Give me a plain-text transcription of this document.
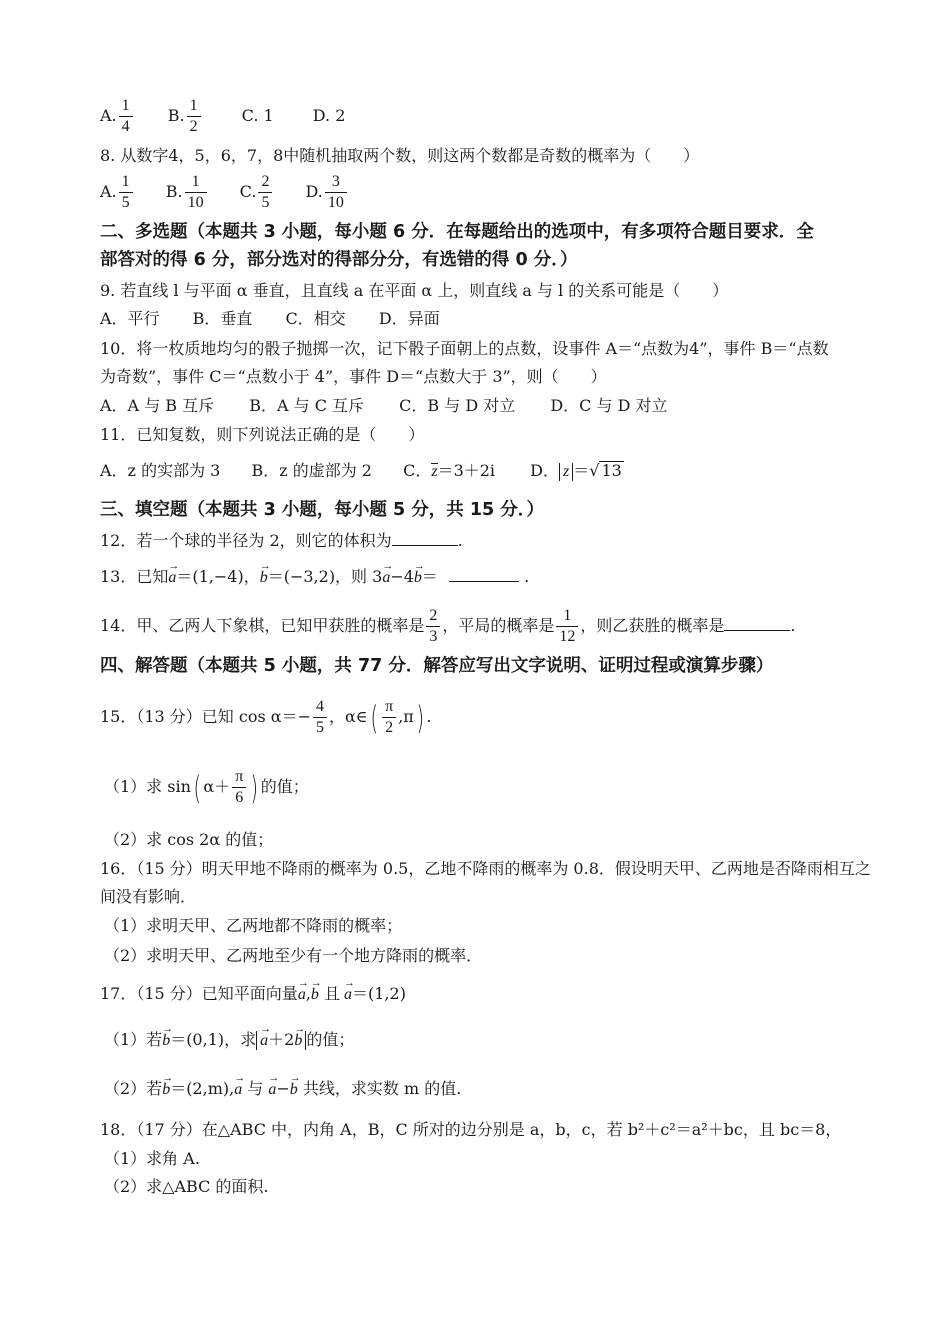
A. $\frac{1}{4} B$. $\frac{1}{2}$	C. 1 D. 2
8. 从数字4，5，6，7，8中随机抽取两个数，则这两个数都是奇数的概率为（　　）
A. $\frac{1}{5} B$. $\frac{1}{10} C$. $\frac{2}{5} D$. $\frac{3}{10}$
二、多选题（本题共 3 小题，每小题 6 分．在每题给出的选项中，有多项符合题目要求．全
部答对的得 6 分，部分选对的得部分分，有选错的得 0 分．）
9. 若直线 l 与平面 α 垂直，且直线 a 在平面 α 上，则直线 a 与 l 的关系可能是（　　）
A．平行 B．垂直 C．相交 D．异面
10．将一枚质地均匀的骰子抛掷一次，记下骰子面朝上的点数，设事件 A＝“点数为4”，事件 B＝“点数
为奇数”，事件 C＝“点数小于 4”，事件 D＝“点数大于 3”，则（　　）
A．A 与 B 互斥 B．A 与 C 互斥 C．B 与 D 对立 D．C 与 D 对立
11．已知复数，则下列说法正确的是（　　）
A．z 的实部为 3 B．z 的虚部为 2 C．z＝3＋2i D． z ＝√ 13
三、填空题（本题共 3 小题，每小题 5 分，共 15 分．）
12．若一个球的半径为 2，则它的体积为	.
13．已知→ a＝(1,−4)，→ b＝(−3,2)，则 3→ a−4→ b＝	.
14．甲、乙两人下象棋，已知甲获胜的概率是 $\frac{2}{3}$ ，平局的概率是 $\frac{1}{12}$ ，则乙获胜的概率是	.
四、解答题（本题共 5 小题，共 77 分．解答应写出文字说明、证明过程或演算步骤）
15．（13 分）已知 $\cos \alpha=- \frac{4}{5}$ ，α∈( $\frac{\pi}{2} ,\pi$) .
（1）求 sin( $\alpha+ \frac{\pi}{6}$ ) 的值；
（2）求 cos 2α 的值；
16．（15 分）明天甲地不降雨的概率为 0.5，乙地不降雨的概率为 0.8．假设明天甲、乙两地是否降雨相互之
间没有影响．
（1）求明天甲、乙两地都不降雨的概率；
（2）求明天甲、乙两地至少有一个地方降雨的概率．
17．（15 分）已知平面向量→ a,→ b 且 → a＝(1,2)
（1）若→ b＝(0,1)，求 → a＋2→ b 的值；
（2）若→ b＝(2,m),→ a 与 → a−→ b 共线，求实数 m 的值.
18．（17 分）在△ABC 中，内角 A，B，C 所对的边分别是 a，b，c，若 b²＋c²＝a²＋bc，且 bc＝8，
（1）求角 A.
（2）求△ABC 的面积.
